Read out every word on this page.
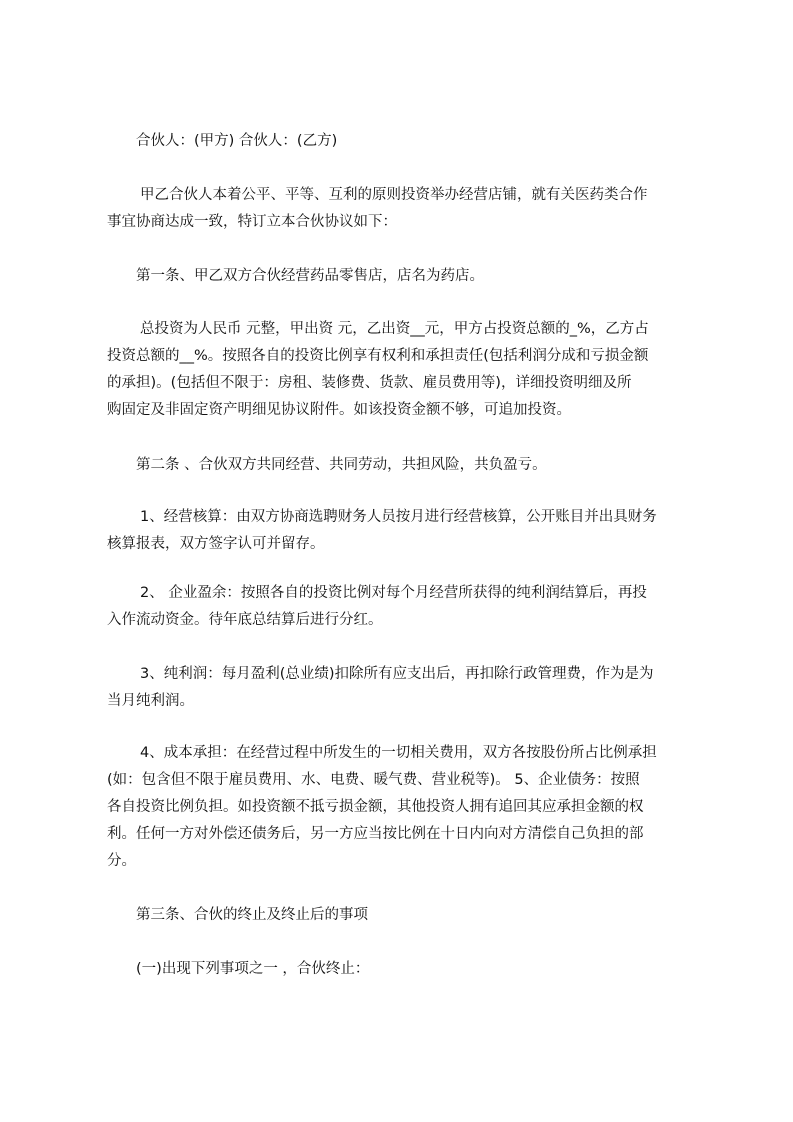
合伙人：(甲方) 合伙人：(乙方)

甲乙合伙人本着公平、平等、互利的原则投资举办经营店铺，就有关医药类合作
事宜协商达成一致，特订立本合伙协议如下：

第一条、甲乙双方合伙经营药品零售店，店名为药店。

总投资为人民币 元整，甲出资 元，乙出资__元，甲方占投资总额的_%，乙方占
投资总额的__%。按照各自的投资比例享有权利和承担责任(包括利润分成和亏损金额
的承担)。(包括但不限于：房租、装修费、货款、雇员费用等)，详细投资明细及所
购固定及非固定资产明细见协议附件。如该投资金额不够，可追加投资。

第二条 、合伙双方共同经营、共同劳动，共担风险，共负盈亏。

1、经营核算：由双方协商选聘财务人员按月进行经营核算，公开账目并出具财务
核算报表，双方签字认可并留存。

2、 企业盈余：按照各自的投资比例对每个月经营所获得的纯利润结算后，再投
入作流动资金。待年底总结算后进行分红。

3、纯利润：每月盈利(总业绩)扣除所有应支出后，再扣除行政管理费，作为是为
当月纯利润。

4、成本承担：在经营过程中所发生的一切相关费用，双方各按股份所占比例承担
(如：包含但不限于雇员费用、水、电费、暖气费、营业税等)。 5、企业债务：按照
各自投资比例负担。如投资额不抵亏损金额，其他投资人拥有追回其应承担金额的权
利。任何一方对外偿还债务后，另一方应当按比例在十日内向对方清偿自己负担的部
分。

第三条、合伙的终止及终止后的事项

(一)出现下列事项之一 ，合伙终止：
